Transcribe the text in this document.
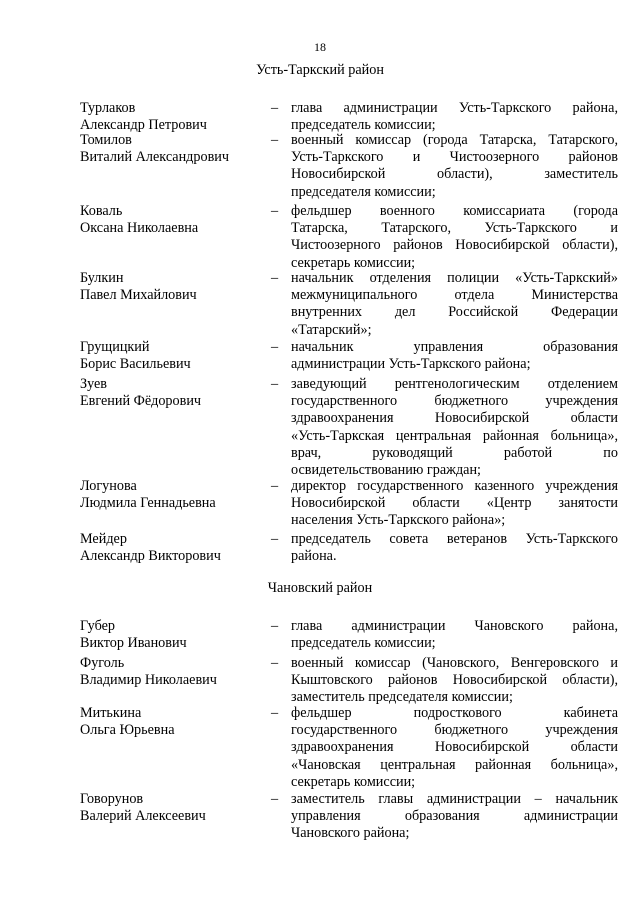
18
Усть-Таркский район
Чановский район
Турлаков
Александр Петрович
– глава администрации Усть-Таркского района,
председатель комиссии;
Томилов
Виталий Александрович
– военный комиссар (города Татарска, Татарского,
Усть-Таркского и Чистоозерного районов
Новосибирской области), заместитель
председателя комиссии;
Коваль
Оксана Николаевна
– фельдшер военного комиссариата (города
Татарска, Татарского, Усть-Таркского и
Чистоозерного районов Новосибирской области),
секретарь комиссии;
Булкин
Павел Михайлович
– начальник отделения полиции «Усть-Таркский»
межмуниципального отдела Министерства
внутренних дел Российской Федерации
«Татарский»;
Грущицкий
Борис Васильевич
– начальник управления образования
администрации Усть-Таркского района;
Зуев
Евгений Фёдорович
– заведующий рентгенологическим отделением
государственного бюджетного учреждения
здравоохранения Новосибирской области
«Усть-Таркская центральная районная больница»,
врач, руководящий работой по
освидетельствованию граждан;
Логунова
Людмила Геннадьевна
– директор государственного казенного учреждения
Новосибирской области «Центр занятости
населения Усть-Таркского района»;
Мейдер
Александр Викторович
– председатель совета ветеранов Усть-Таркского
района.
Губер
Виктор Иванович
– глава администрации Чановского района,
председатель комиссии;
Фуголь
Владимир Николаевич
– военный комиссар (Чановского, Венгеровского и
Кыштовского районов Новосибирской области),
заместитель председателя комиссии;
Митькина
Ольга Юрьевна
– фельдшер подросткового кабинета
государственного бюджетного учреждения
здравоохранения Новосибирской области
«Чановская центральная районная больница»,
секретарь комиссии;
Говорунов
Валерий Алексеевич
– заместитель главы администрации – начальник
управления образования администрации
Чановского района;
